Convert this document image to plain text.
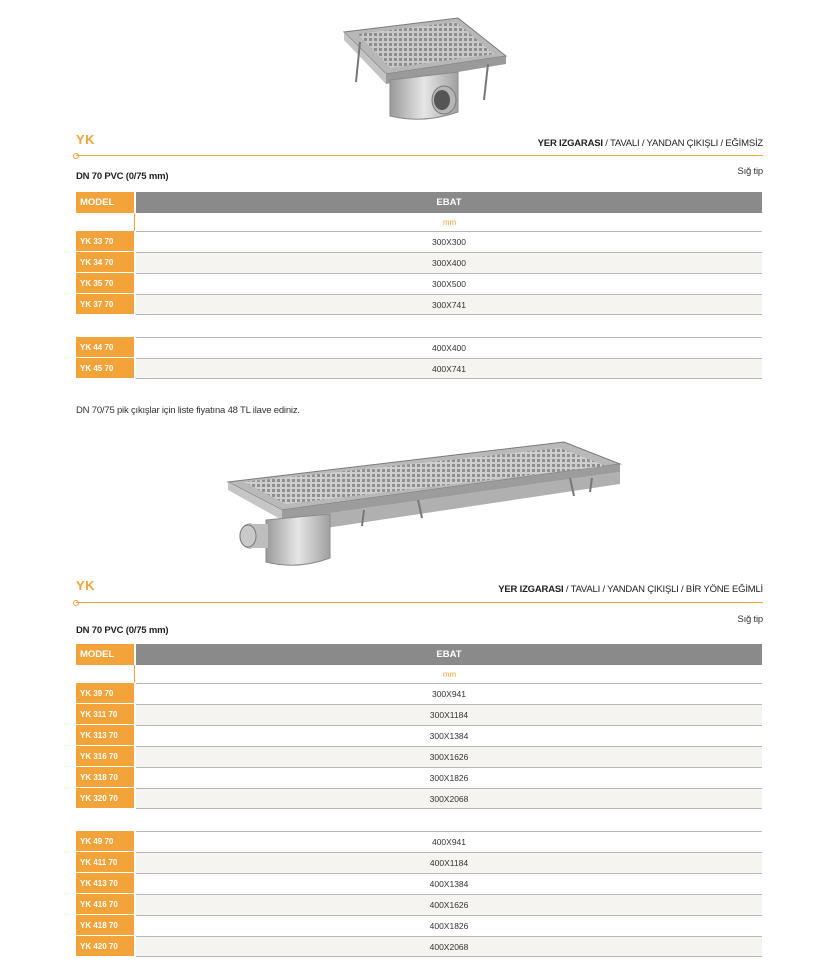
YK	YER IZGARASI / TAVALI / YANDAN ÇIKIŞLI / EĞİMSİZ
DN 70 PVC (0/75 mm)	Sığ tip
MODEL	EBAT
mm
YK 33 70	300X300
YK 34 70	300X400
YK 35 70	300X500
YK 37 70	300X741
YK 44 70	400X400
YK 45 70	400X741
DN 70/75 pik çıkışlar için liste fiyatına 48 TL ilave ediniz.
YK	YER IZGARASI / TAVALI / YANDAN ÇIKIŞLI / BİR YÖNE EĞİMLİ
DN 70 PVC (0/75 mm)
Sığ tip
MODEL	EBAT
mm
YK 39 70	300X941
YK 311 70	300X1184
YK 313 70	300X1384
YK 316 70	300X1626
YK 318 70	300X1826
YK 320 70	300X2068
YK 49 70	400X941
YK 411 70	400X1184
YK 413 70	400X1384
YK 416 70	400X1626
YK 418 70	400X1826
YK 420 70	400X2068
